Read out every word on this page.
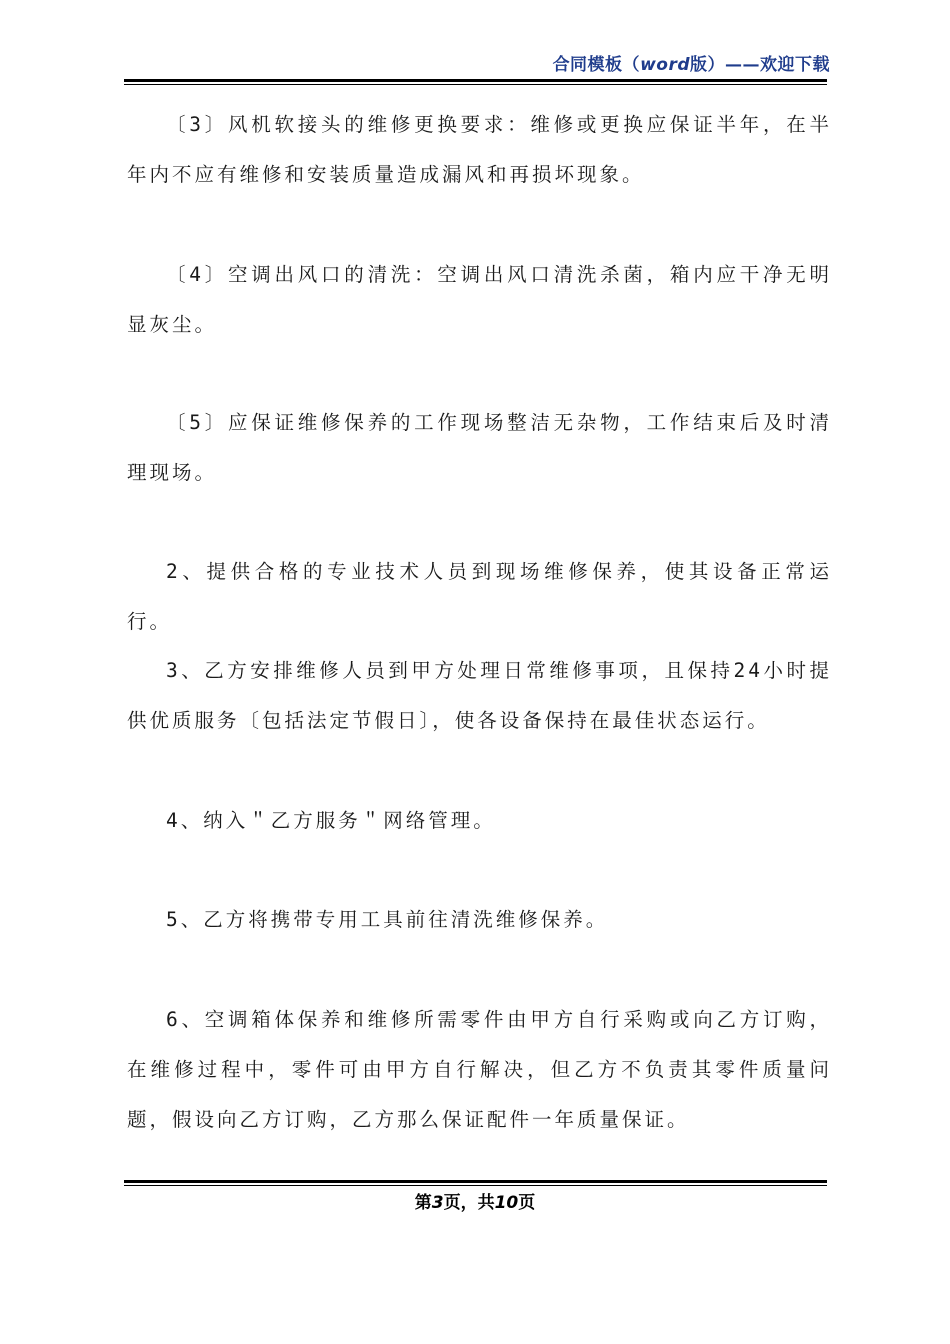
合同模板（word版）——欢迎下载
〔3〕风机软接头的维修更换要求：维修或更换应保证半年，在半年内不应有维修和安装质量造成漏风和再损坏现象。
〔4〕空调出风口的清洗：空调出风口清洗杀菌，箱内应干净无明显灰尘。
〔5〕应保证维修保养的工作现场整洁无杂物，工作结束后及时清理现场。
2、提供合格的专业技术人员到现场维修保养，使其设备正常运行。
3、乙方安排维修人员到甲方处理日常维修事项，且保持24小时提供优质服务〔包括法定节假日〕，使各设备保持在最佳状态运行。
4、纳入＂乙方服务＂网络管理。
5、乙方将携带专用工具前往清洗维修保养。
6、空调箱体保养和维修所需零件由甲方自行采购或向乙方订购，在维修过程中，零件可由甲方自行解决，但乙方不负责其零件质量问题，假设向乙方订购，乙方那么保证配件一年质量保证。
第3页，共10页
